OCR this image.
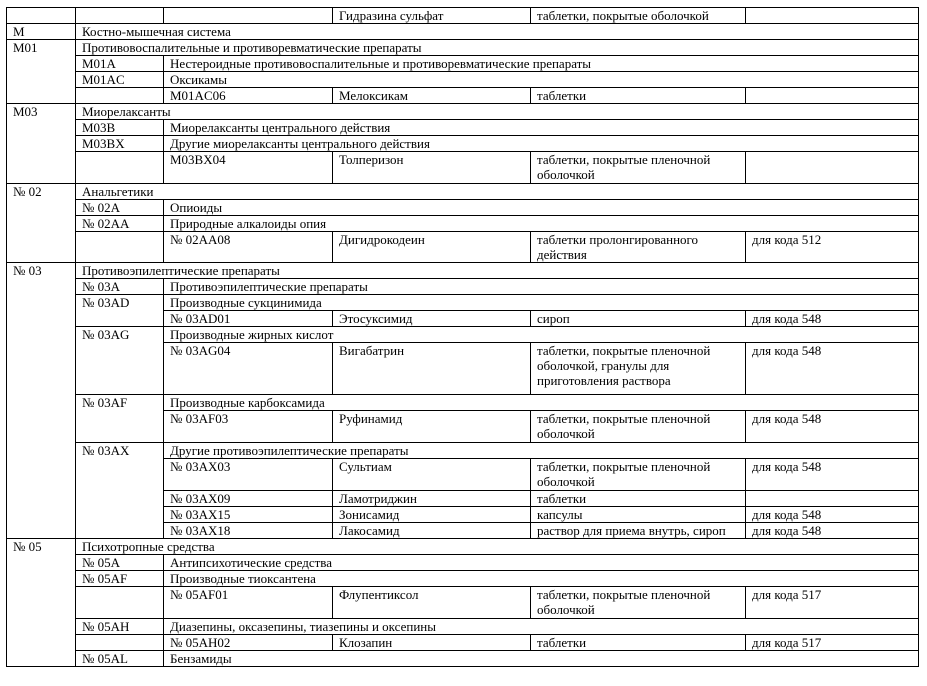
			Гидразина сульфат	таблетки, покрытые оболочкой	
M	Костно-мышечная система				
M01	Противовоспалительные и противоревматические препараты				
	M01A	Нестероидные противовоспалительные и противоревматические препараты			
	M01AC	Оксикамы			
		M01AC06	Мелоксикам	таблетки	
M03	Миорелаксанты				
	M03B	Миорелаксанты центрального действия			
	M03BX	Другие миорелаксанты центрального действия			
		M03BX04	Толперизон	таблетки, покрытые пленочной оболочкой	
№ 02	Анальгетики				
	№ 02A	Опиоиды			
	№ 02AA	Природные алкалоиды опия			
		№ 02AA08	Дигидрокодеин	таблетки пролонгированного действия	для кода 512
№ 03	Противоэпилептические препараты				
	№ 03A	Противоэпилептические препараты			
	№ 03AD	Производные сукцинимида			
		№ 03AD01	Этосуксимид	сироп	для кода 548
	№ 03AG	Производные жирных кислот			
		№ 03AG04	Вигабатрин	таблетки, покрытые пленочной оболочкой, гранулы для приготовления раствора	для кода 548
	№ 03AF	Производные карбоксамида			
		№ 03AF03	Руфинамид	таблетки, покрытые пленочной оболочкой	для кода 548
	№ 03AX	Другие противоэпилептические препараты			
		№ 03AX03	Сультиам	таблетки, покрытые пленочной оболочкой	для кода 548
		№ 03AX09	Ламотриджин	таблетки	
		№ 03AX15	Зонисамид	капсулы	для кода 548
		№ 03AX18	Лакосамид	раствор для приема внутрь, сироп	для кода 548
№ 05	Психотропные средства				
	№ 05A	Антипсихотические средства			
	№ 05AF	Производные тиоксантена			
		№ 05AF01	Флупентиксол	таблетки, покрытые пленочной оболочкой	для кода 517
	№ 05AH	Диазепины, оксазепины, тиазепины и оксепины			
		№ 05AH02	Клозапин	таблетки	для кода 517
	№ 05AL	Бензамиды			
